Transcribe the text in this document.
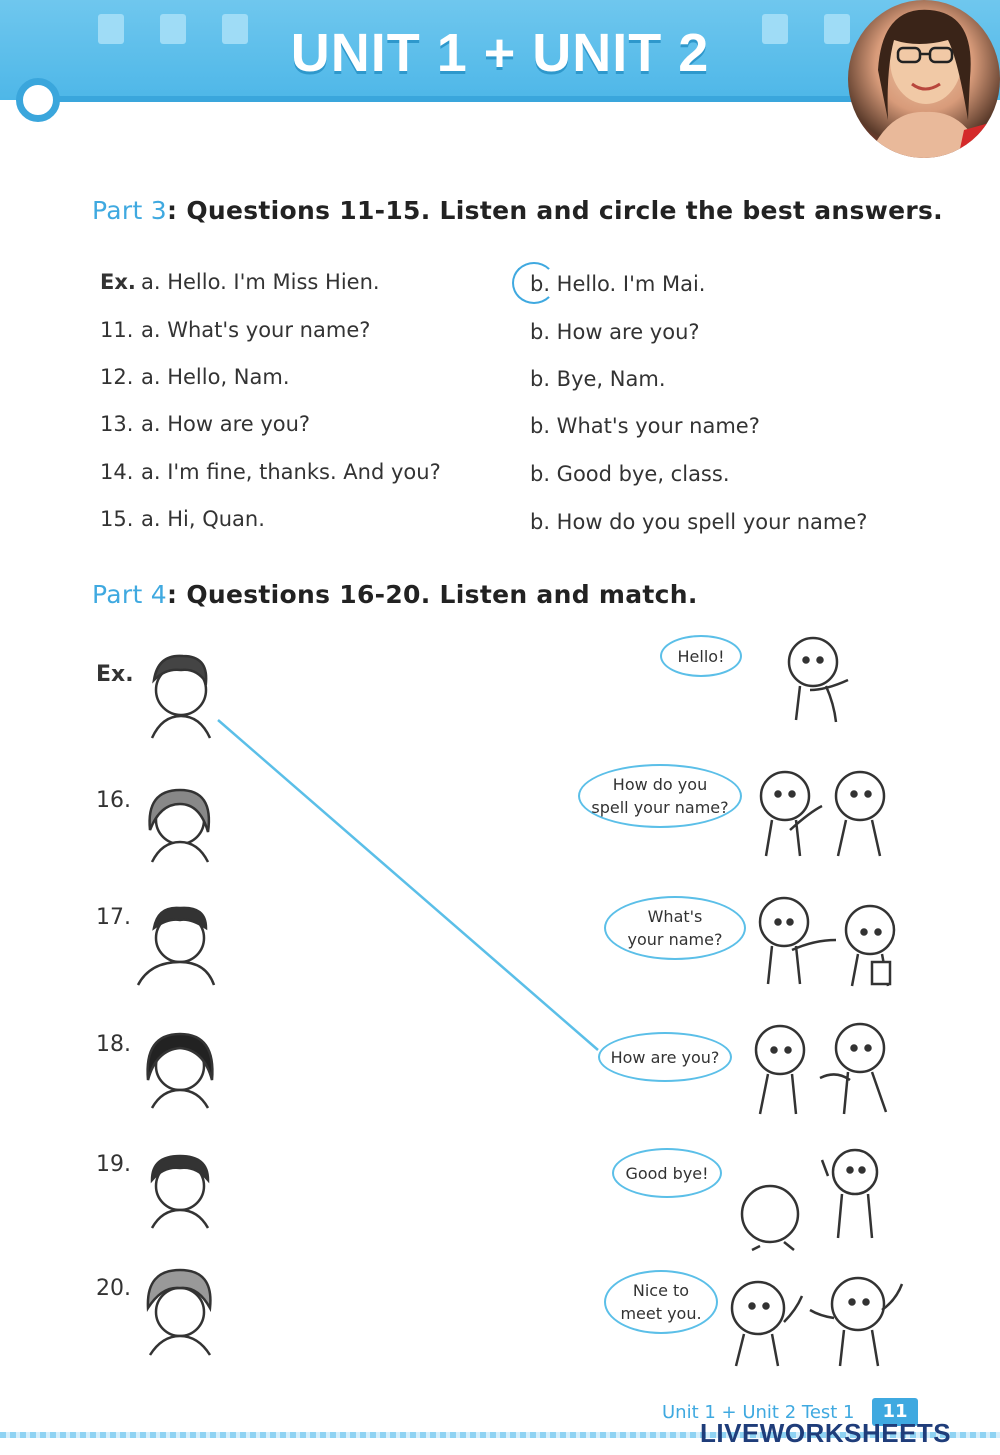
UNIT 1 + UNIT 2
Part 3: Questions 11-15. Listen and circle the best answers.
Ex. a. Hello. I'm Miss Hien.	b. Hello. I'm Mai.
11. a. What's your name?	b. How are you?
12. a. Hello, Nam.	b. Bye, Nam.
13. a. How are you?	b. What's your name?
14. a. I'm fine, thanks. And you?	b. Good bye, class.
15. a. Hi, Quan.	b. How do you spell your name?
Part 4: Questions 16-20. Listen and match.
Ex.
16.
17.
18.
19.
20.
Hello!
How do you
spell your name?
What's
your name?
How are you?
Good bye!
Nice to
meet you.
Unit 1 + Unit 2 Test 1	11
LIVEWORKSHEETS
